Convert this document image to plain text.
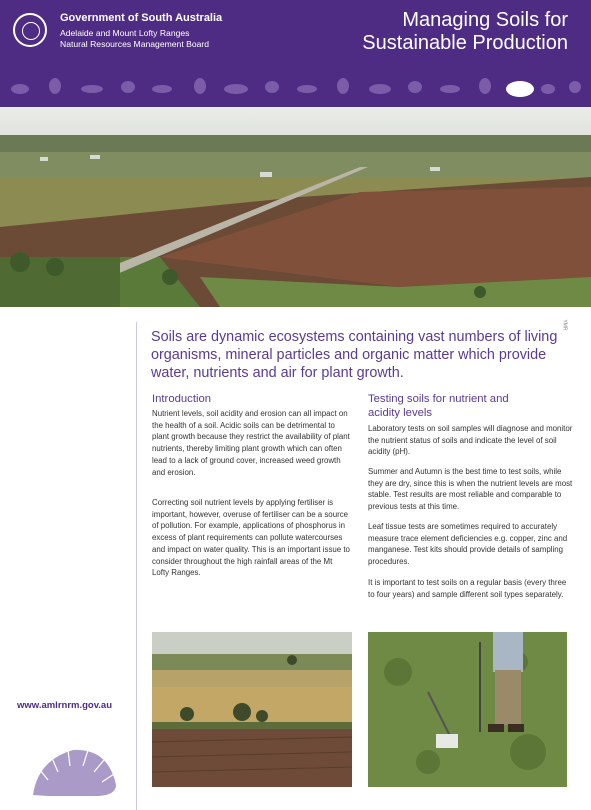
Government of South Australia
Adelaide and Mount Lofty Ranges
Natural Resources Management Board
Managing Soils for
Sustainable Production
YMR
Soils are dynamic ecosystems containing vast numbers of living organisms, mineral particles and organic matter which provide water, nutrients and air for plant growth.
Introduction
Nutrient levels, soil acidity and erosion can all impact on the health of a soil. Acidic soils can be detrimental to plant growth because they restrict the availability of plant nutrients, thereby limiting plant growth which can often lead to a lack of ground cover, increased weed growth and erosion.
Correcting soil nutrient levels by applying fertiliser is important, however, overuse of fertiliser can be a source of pollution. For example, applications of phosphorus in excess of plant requirements can pollute watercourses and impact on water quality. This is an important issue to consider throughout the high rainfall areas of the Mt Lofty Ranges.
Testing soils for nutrient and
acidity levels
Laboratory tests on soil samples will diagnose and monitor the nutrient status of soils and indicate the level of soil acidity (pH).
Summer and Autumn is the best time to test soils, while they are dry, since this is when the nutrient levels are most stable. Test results are most reliable and comparable to previous tests at this time.
Leaf tissue tests are sometimes required to accurately measure trace element deficiencies e.g. copper, zinc and manganese. Test kits should provide details of sampling procedures.
It is important to test soils on a regular basis (every three to four years) and sample different soil types separately.
www.amlrnrm.gov.au
